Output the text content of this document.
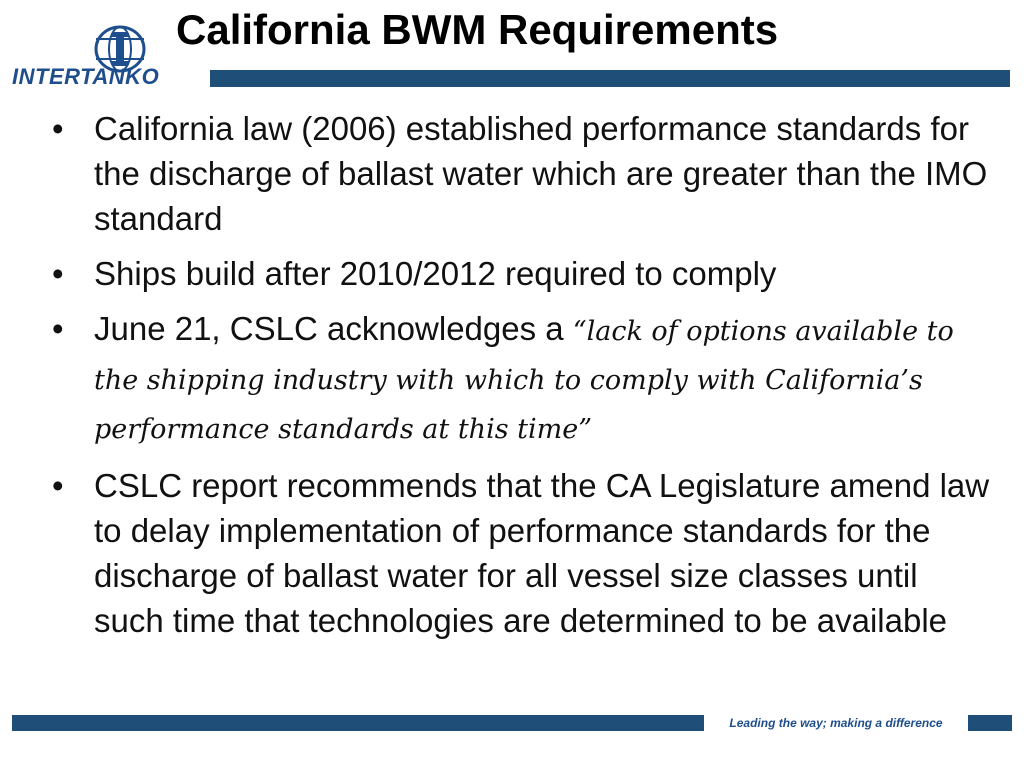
INTERTANKO
California BWM Requirements

• California law (2006) established performance standards for the discharge of ballast water which are greater than the IMO standard

• Ships build after 2010/2012 required to comply

• June 21, CSLC acknowledges a “lack of options available to the shipping industry with which to comply with California’s performance standards at this time”

• CSLC report recommends that the CA Legislature amend law to delay implementation of performance standards for the discharge of ballast water for all vessel size classes until such time that technologies are determined to be available

Leading the way; making a difference
